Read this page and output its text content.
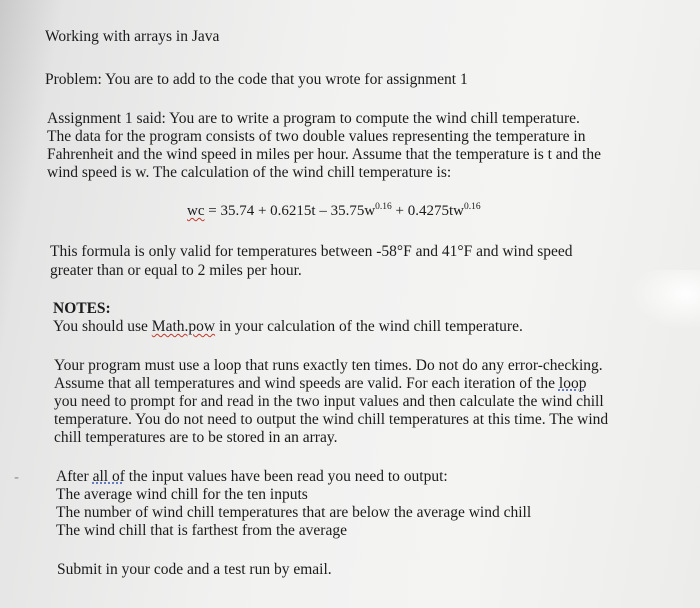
Working with arrays in Java
Problem: You are to add to the code that you wrote for assignment 1
Assignment 1 said: You are to write a program to compute the wind chill temperature.
The data for the program consists of two double values representing the temperature in
Fahrenheit and the wind speed in miles per hour. Assume that the temperature is t and the
wind speed is w. The calculation of the wind chill temperature is:
wc = $35.74 + 0.6215t - 35.75w^{0.16} + 0.4275tw^{0.16}$
This formula is only valid for temperatures between -58°F and 41°F and wind speed
greater than or equal to 2 miles per hour.
NOTES:
You should use Math.pow in your calculation of the wind chill temperature.
Your program must use a loop that runs exactly ten times. Do not do any error-checking.
Assume that all temperatures and wind speeds are valid. For each iteration of the loop
you need to prompt for and read in the two input values and then calculate the wind chill
temperature. You do not need to output the wind chill temperatures at this time. The wind
chill temperatures are to be stored in an array.
After all of the input values have been read you need to output:
The average wind chill for the ten inputs
The number of wind chill temperatures that are below the average wind chill
The wind chill that is farthest from the average
Submit in your code and a test run by email.
-
